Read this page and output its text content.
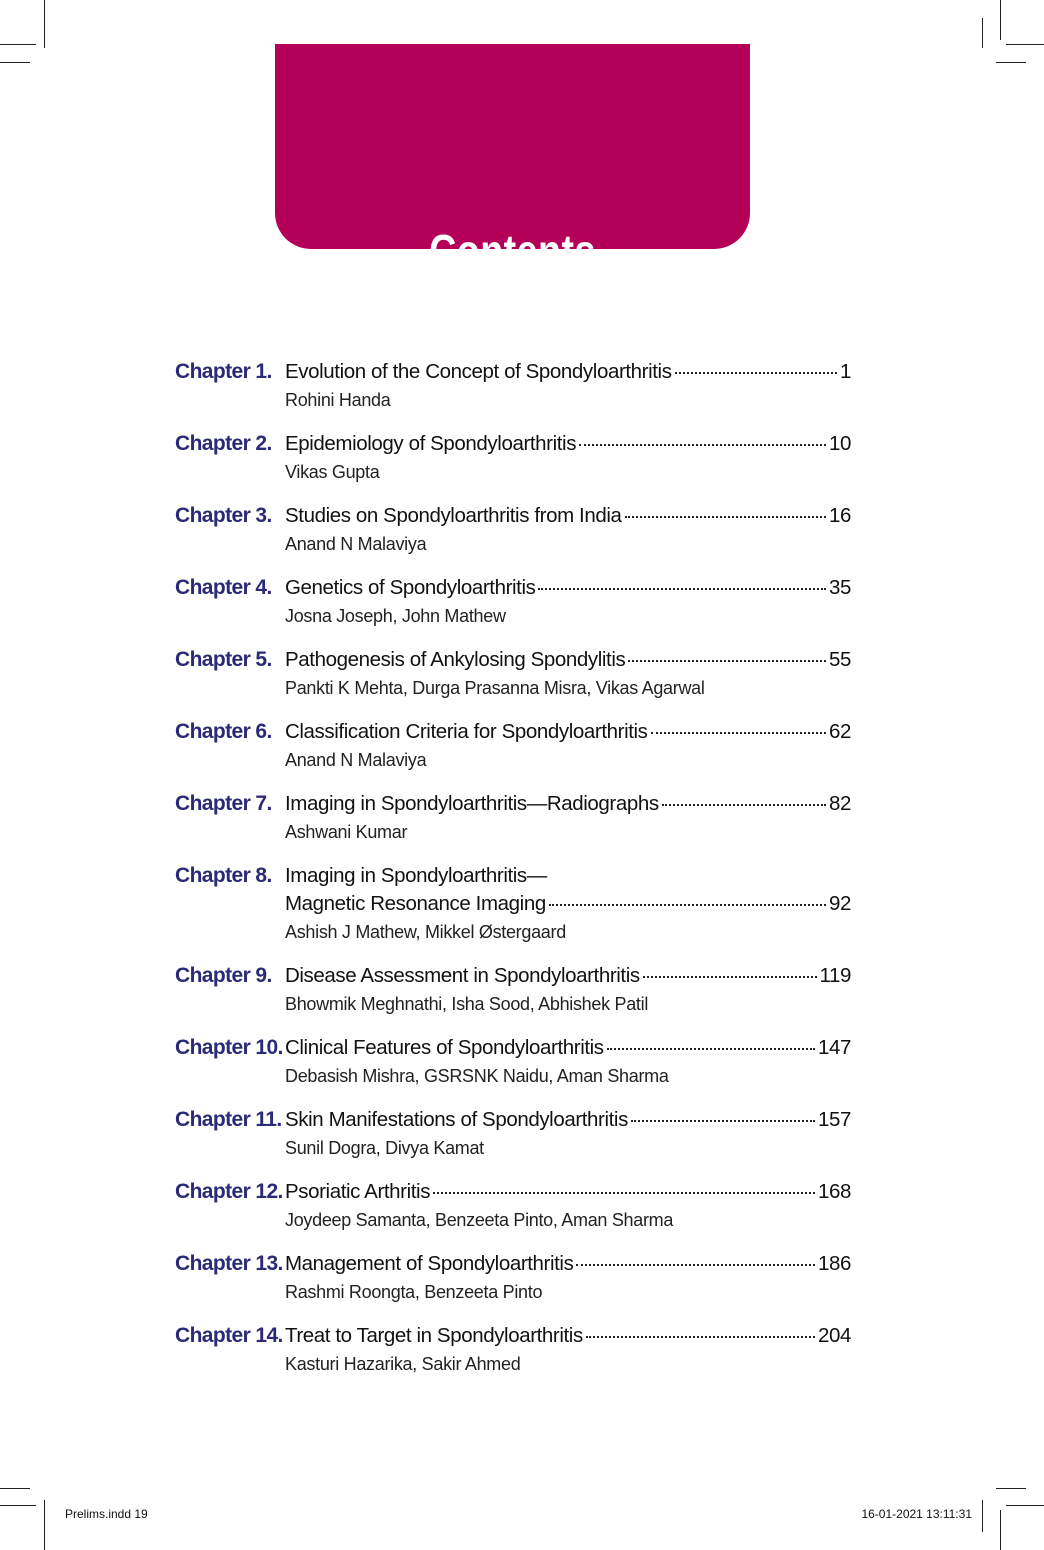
Contents
Chapter 1. Evolution of the Concept of Spondyloarthritis	1
Rohini Handa
Chapter 2. Epidemiology of Spondyloarthritis	10
Vikas Gupta
Chapter 3. Studies on Spondyloarthritis from India	16
Anand N Malaviya
Chapter 4. Genetics of Spondyloarthritis	35
Josna Joseph, John Mathew
Chapter 5. Pathogenesis of Ankylosing Spondylitis	55
Pankti K Mehta, Durga Prasanna Misra, Vikas Agarwal
Chapter 6. Classification Criteria for Spondyloarthritis	62
Anand N Malaviya
Chapter 7. Imaging in Spondyloarthritis—Radiographs	82
Ashwani Kumar
Chapter 8. Imaging in Spondyloarthritis—
Magnetic Resonance Imaging	92
Ashish J Mathew, Mikkel Østergaard
Chapter 9. Disease Assessment in Spondyloarthritis	119
Bhowmik Meghnathi, Isha Sood, Abhishek Patil
Chapter 10. Clinical Features of Spondyloarthritis	147
Debasish Mishra, GSRSNK Naidu, Aman Sharma
Chapter 11. Skin Manifestations of Spondyloarthritis	157
Sunil Dogra, Divya Kamat
Chapter 12. Psoriatic Arthritis	168
Joydeep Samanta, Benzeeta Pinto, Aman Sharma
Chapter 13. Management of Spondyloarthritis	186
Rashmi Roongta, Benzeeta Pinto
Chapter 14. Treat to Target in Spondyloarthritis	204
Kasturi Hazarika, Sakir Ahmed
Prelims.indd 19	16-01-2021 13:11:31
